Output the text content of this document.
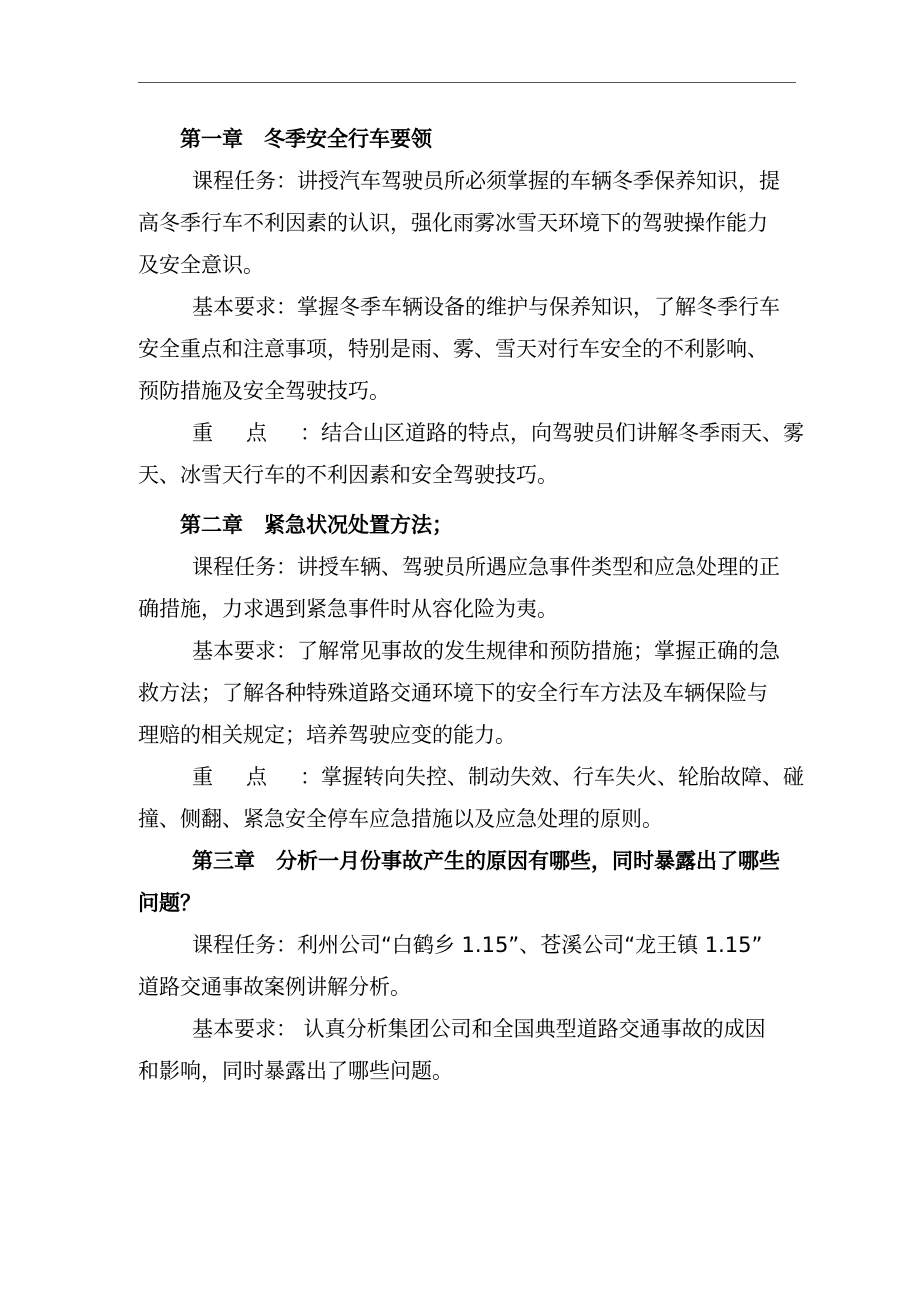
第一章　冬季安全行车要领
课程任务：讲授汽车驾驶员所必须掌握的车辆冬季保养知识，提
高冬季行车不利因素的认识，强化雨雾冰雪天环境下的驾驶操作能力
及安全意识。
基本要求：掌握冬季车辆设备的维护与保养知识，了解冬季行车
安全重点和注意事项，特别是雨、雾、雪天对行车安全的不利影响、
预防措施及安全驾驶技巧。
重 点 ：结合山区道路的特点，向驾驶员们讲解冬季雨天、雾
天、冰雪天行车的不利因素和安全驾驶技巧。
第二章　紧急状况处置方法；
课程任务：讲授车辆、驾驶员所遇应急事件类型和应急处理的正
确措施，力求遇到紧急事件时从容化险为夷。
基本要求：了解常见事故的发生规律和预防措施；掌握正确的急
救方法；了解各种特殊道路交通环境下的安全行车方法及车辆保险与
理赔的相关规定；培养驾驶应变的能力。
重 点 ：掌握转向失控、制动失效、行车失火、轮胎故障、碰
撞、侧翻、紧急安全停车应急措施以及应急处理的原则。
第三章　分析一月份事故产生的原因有哪些，同时暴露出了哪些
问题？
课程任务：利州公司“白鹤乡 1.15”、苍溪公司“龙王镇 1.15”
道路交通事故案例讲解分析。
基本要求： 认真分析集团公司和全国典型道路交通事故的成因
和影响，同时暴露出了哪些问题。
